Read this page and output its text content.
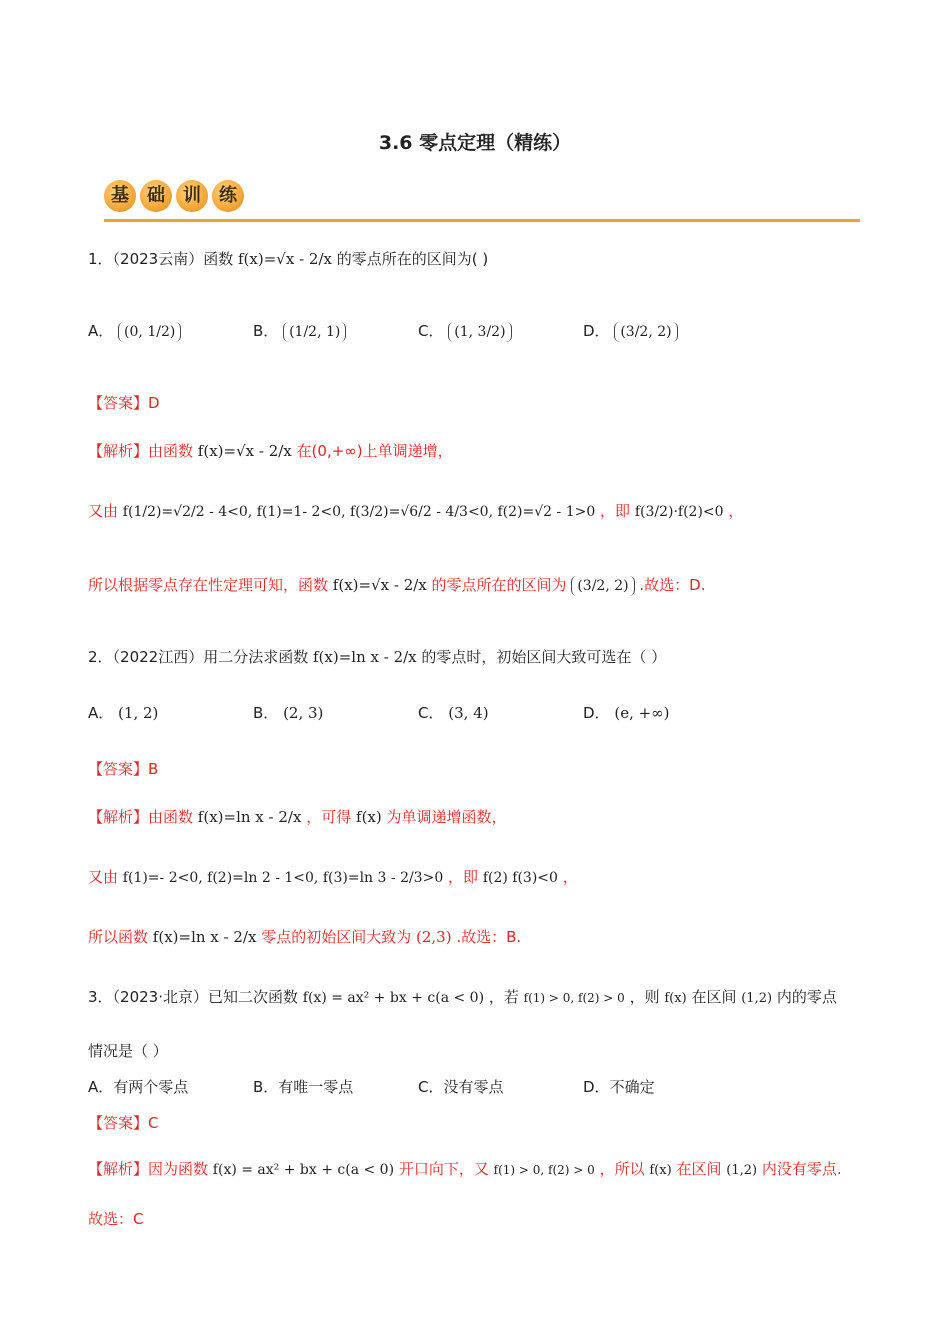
3.6 零点定理（精练）
基 础 训 练
1．（2023云南）函数 f(x)=√x - 2/x 的零点所在的区间为( )
A． (0, 1/2)	B． (1/2, 1)	C． (1, 3/2)	D． (3/2, 2)
【答案】D
【解析】由函数 f(x)=√x - 2/x 在(0,+∞)上单调递增，
又由 f(1/2)=√2/2 - 4<0, f(1)=1- 2<0, f(3/2)=√6/2 - 4/3<0, f(2)=√2 - 1>0 ，即 f(3/2)·f(2)<0 ，
所以根据零点存在性定理可知，函数 f(x)=√x - 2/x 的零点所在的区间为 (3/2, 2) .故选：D.
2．（2022江西）用二分法求函数 f(x)=ln x - 2/x 的零点时，初始区间大致可选在（ ）
A． (1, 2)	B． (2, 3)	C． (3, 4)	D． (e, +∞)
【答案】B
【解析】由函数 f(x)=ln x - 2/x ，可得 f(x) 为单调递增函数，
又由 f(1)=- 2<0, f(2)=ln 2 - 1<0, f(3)=ln 3 - 2/3>0 ，即 f(2) f(3)<0 ，
所以函数 f(x)=ln x - 2/x 零点的初始区间大致为 (2,3) .故选：B.
3．（2023·北京）已知二次函数 f(x) = ax² + bx + c(a < 0) ，若 f(1) > 0, f(2) > 0 ，则 f(x) 在区间 (1,2) 内的零点
情况是（ ）
A．有两个零点	B．有唯一零点	C．没有零点	D．不确定
【答案】C
【解析】因为函数 f(x) = ax² + bx + c(a < 0) 开口向下，又 f(1) > 0, f(2) > 0 ，所以 f(x) 在区间 (1,2) 内没有零点.
故选：C
